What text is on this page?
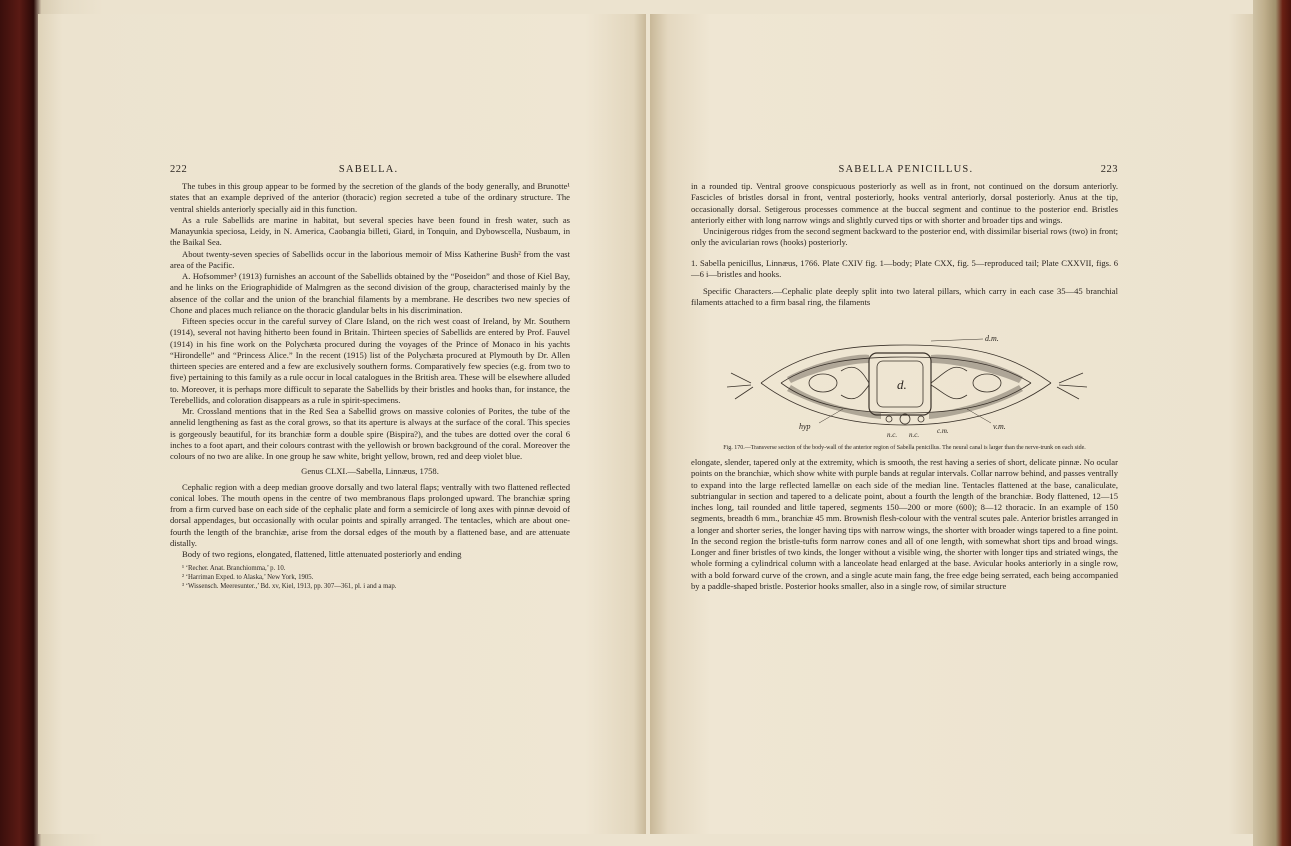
222	SABELLA.

The tubes in this group appear to be formed by the secretion of the glands of the body generally, and Brunotte¹ states that an example deprived of the anterior (thoracic) region secreted a tube of the ordinary structure. The ventral shields anteriorly specially aid in this function.

As a rule Sabellids are marine in habitat, but several species have been found in fresh water, such as Manayunkia speciosa, Leidy, in N. America, Caobangia billeti, Giard, in Tonquin, and Dybowscella, Nusbaum, in the Baikal Sea.

About twenty-seven species of Sabellids occur in the laborious memoir of Miss Katherine Bush² from the vast area of the Pacific.

A. Hofsommer³ (1913) furnishes an account of the Sabellids obtained by the “Poseidon” and those of Kiel Bay, and he links on the Eriographidide of Malmgren as the second division of the group, characterised mainly by the absence of the collar and the union of the branchial filaments by a membrane. He describes two new species of Chone and places much reliance on the thoracic glandular belts in his discrimination.

Fifteen species occur in the careful survey of Clare Island, on the rich west coast of Ireland, by Mr. Southern (1914), several not having hitherto been found in Britain. Thirteen species of Sabellids are entered by Prof. Fauvel (1914) in his fine work on the Polychæta procured during the voyages of the Prince of Monaco in his yachts “Hirondelle” and “Princess Alice.” In the recent (1915) list of the Polychæta procured at Plymouth by Dr. Allen thirteen species are entered and a few are exclusively southern forms. Comparatively few species (e.g. from two to five) pertaining to this family as a rule occur in local catalogues in the British area. These will be elsewhere alluded to. Moreover, it is perhaps more difficult to separate the Sabellids by their bristles and hooks than, for instance, the Terebellids, and coloration disappears as a rule in spirit-specimens.

Mr. Crossland mentions that in the Red Sea a Sabellid grows on massive colonies of Porites, the tube of the annelid lengthening as fast as the coral grows, so that its aperture is always at the surface of the coral. This species is gorgeously beautiful, for its branchiæ form a double spire (Bispira?), and the tubes are dotted over the coral 6 inches to a foot apart, and their colours contrast with the yellowish or brown background of the coral. Moreover the colours of no two are alike. In one group he saw white, bright yellow, brown, red and deep violet blue.

Genus CLXI.—Sabella, Linnæus, 1758.

Cephalic region with a deep median groove dorsally and two lateral flaps; ventrally with two flattened reflected conical lobes. The mouth opens in the centre of two membranous flaps prolonged upward. The branchiæ spring from a firm curved base on each side of the cephalic plate and form a semicircle of long axes with pinnæ devoid of dorsal appendages, but occasionally with ocular points and spirally arranged. The tentacles, which are about one-fourth the length of the branchiæ, arise from the dorsal edges of the mouth by a flattened base, and are attenuate distally.

Body of two regions, elongated, flattened, little attenuated posteriorly and ending

¹ ‘Recher. Anat. Branchiomma,’ p. 10.
² ‘Harriman Exped. to Alaska,’ New York, 1905.
³ ‘Wissensch. Meeresunter.,’ Bd. xv, Kiel, 1913, pp. 307—361, pl. i and a map.
SABELLA PENICILLUS.	223

in a rounded tip. Ventral groove conspicuous posteriorly as well as in front, not continued on the dorsum anteriorly. Fascicles of bristles dorsal in front, ventral posteriorly, hooks ventral anteriorly, dorsal posteriorly. Anus at the tip, occasionally dorsal. Setigerous processes commence at the buccal segment and continue to the posterior end. Bristles anteriorly either with long narrow wings and slightly curved tips or with shorter and broader tips and wings.

Uncinigerous ridges from the second segment backward to the posterior end, with dissimilar biserial rows (two) in front; only the avicularian rows (hooks) posteriorly.

1. Sabella penicillus, Linnæus, 1766. Plate CXIV fig. 1—body; Plate CXX, fig. 5—reproduced tail; Plate CXXVII, figs. 6—6 i—bristles and hooks.

Specific Characters.—Cephalic plate deeply split into two lateral pillars, which carry in each case 35—45 branchial filaments attached to a firm basal ring, the filaments

d.m.
d.
hyp	v.m.
c.m.
n.c. n.c.
Fig. 170.—Transverse section of the body-wall of the anterior region of Sabella penicillus. The neural canal is larger than the nerve-trunk on each side.

elongate, slender, tapered only at the extremity, which is smooth, the rest having a series of short, delicate pinnæ. No ocular points on the branchiæ, which show white with purple bands at regular intervals. Collar narrow behind, and passes ventrally to expand into the large reflected lamellæ on each side of the median line. Tentacles flattened at the base, canaliculate, subtriangular in section and tapered to a delicate point, about a fourth the length of the branchiæ. Body flattened, 12—15 inches long, tail rounded and little tapered, segments 150—200 or more (600); 8—12 thoracic. In an example of 150 segments, breadth 6 mm., branchiæ 45 mm. Brownish flesh-colour with the ventral scutes pale. Anterior bristles arranged in a longer and shorter series, the longer having tips with narrow wings, the shorter with broader wings tapered to a fine point. In the second region the bristle-tufts form narrow cones and all of one length, with somewhat short tips and broad wings. Longer and finer bristles of two kinds, the longer without a visible wing, the shorter with longer tips and striated wings, the whole forming a cylindrical column with a lanceolate head enlarged at the base. Avicular hooks anteriorly in a single row, with a bold forward curve of the crown, and a single acute main fang, the free edge being serrated, each being accompanied by a paddle-shaped bristle. Posterior hooks smaller, also in a single row, of similar structure
